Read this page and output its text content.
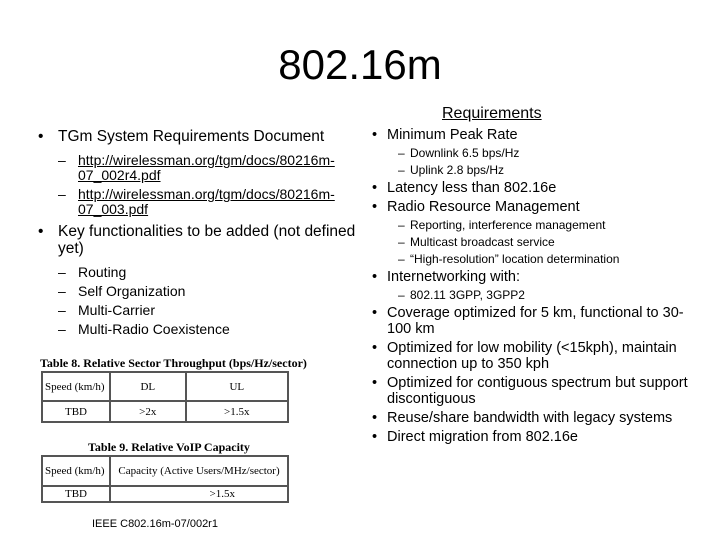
802.16m
Requirements
• TGm System Requirements Document
– http://wirelessman.org/tgm/docs/80216m-07_002r4.pdf
– http://wirelessman.org/tgm/docs/80216m-07_003.pdf
• Key functionalities to be added (not defined yet)
– Routing
– Self Organization
– Multi-Carrier
– Multi-Radio Coexistence
Table 8. Relative Sector Throughput (bps/Hz/sector)
Speed (km/h)	DL	UL
TBD	>2x	>1.5x
Table 9. Relative VoIP Capacity
Speed (km/h)	Capacity (Active Users/MHz/sector)
TBD	>1.5x
IEEE C802.16m-07/002r1
• Minimum Peak Rate
– Downlink 6.5 bps/Hz
– Uplink 2.8 bps/Hz
• Latency less than 802.16e
• Radio Resource Management
– Reporting, interference management
– Multicast broadcast service
– “High-resolution” location determination
• Internetworking with:
– 802.11 3GPP, 3GPP2
• Coverage optimized for 5 km, functional to 30-100 km
• Optimized for low mobility (<15kph), maintain connection up to 350 kph
• Optimized for contiguous spectrum but support discontiguous
• Reuse/share bandwidth with legacy systems
• Direct migration from 802.16e
